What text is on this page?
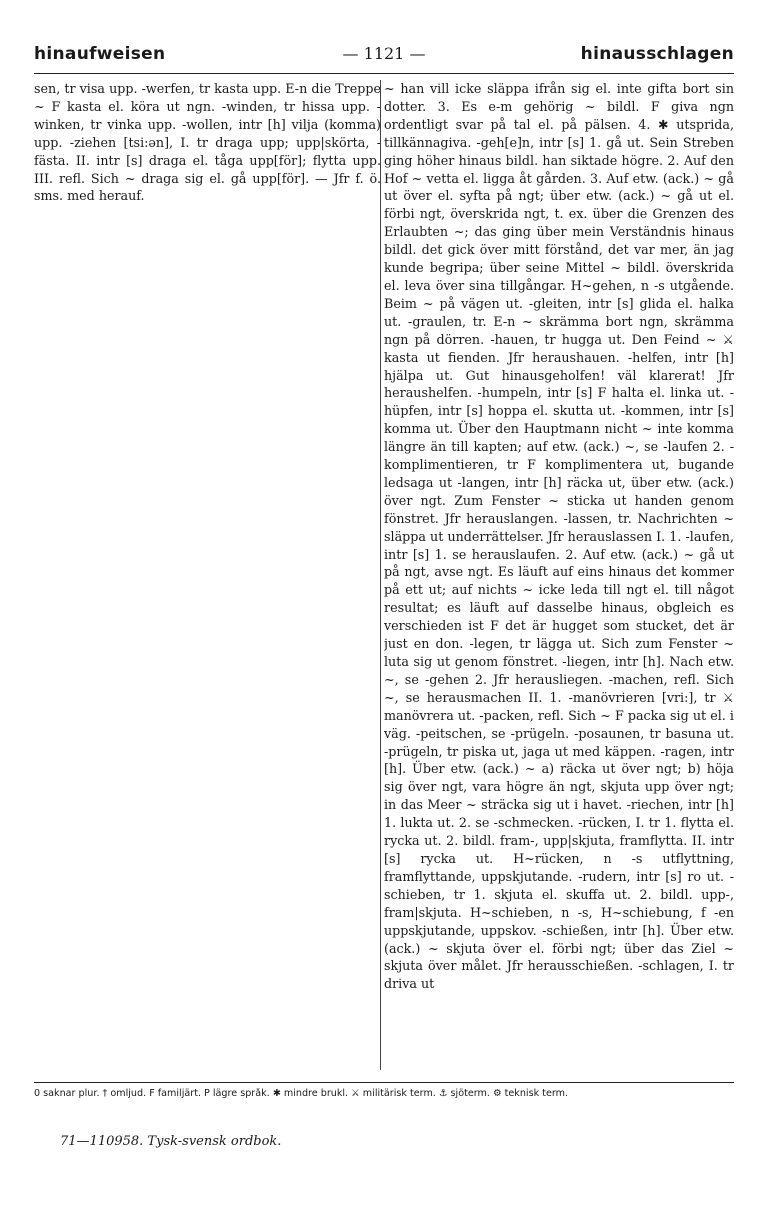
hinaufweisen	— 1121 —	hinausschlagen

sen, tr visa upp. -werfen, tr kasta upp. E-n die Treppe ~ F kasta el. köra ut ngn. -winden, tr hissa upp. -winken, tr vinka upp. -wollen, intr [h] vilja (komma) upp. -ziehen [tsi:ən], I. tr draga upp; upp|skörta, -fästa. II. intr [s] draga el. tåga upp[för]; flytta upp. III. refl. Sich ~ draga sig el. gå upp[för]. — Jfr f. ö. sms. med herauf.

~ han vill icke släppa ifrån sig el. inte gifta bort sin dotter. 3. Es e-m gehörig ~ bildl. F giva ngn ordentligt svar på tal el. på pälsen. 4. ✱ utsprida, tillkännagiva. -geh[e]n, intr [s] 1. gå ut. Sein Streben ging höher hinaus bildl. han siktade högre. 2. Auf den Hof ~ vetta el. ligga åt gården. 3. Auf etw. (ack.) ~ gå ut över el. syfta på ngt; über etw. (ack.) ~ gå ut el. förbi ngt, överskrida ngt, t. ex. über die Grenzen des Erlaubten ~; das ging über mein Verständnis hinaus bildl. det gick över mitt förstånd, det var mer, än jag kunde begripa; über seine Mittel ~ bildl. överskrida el. leva över sina tillgångar. H~gehen, n -s utgående. Beim ~ på vägen ut. -gleiten, intr [s] glida el. halka ut. -graulen, tr. E-n ~ skrämma bort ngn, skrämma ngn på dörren. -hauen, tr hugga ut. Den Feind ~ ⚔ kasta ut fienden. Jfr heraushauen. -helfen, intr [h] hjälpa ut. Gut hinausgeholfen! väl klarerat! Jfr heraushelfen. -humpeln, intr [s] F halta el. linka ut. -hüpfen, intr [s] hoppa el. skutta ut. -kommen, intr [s] komma ut. Über den Hauptmann nicht ~ inte komma längre än till kapten; auf etw. (ack.) ~, se -laufen 2. -komplimentieren, tr F komplimentera ut, bugande ledsaga ut -langen, intr [h] räcka ut, über etw. (ack.) över ngt. Zum Fenster ~ sticka ut handen genom fönstret. Jfr herauslangen. -lassen, tr. Nachrichten ~ släppa ut underrättelser. Jfr herauslassen I. 1. -laufen, intr [s] 1. se herauslaufen. 2. Auf etw. (ack.) ~ gå ut på ngt, avse ngt. Es läuft auf eins hinaus det kommer på ett ut; auf nichts ~ icke leda till ngt el. till något resultat; es läuft auf dasselbe hinaus, obgleich es verschieden ist F det är hugget som stucket, det är just en don. -legen, tr lägga ut. Sich zum Fenster ~ luta sig ut genom fönstret. -liegen, intr [h]. Nach etw. ~, se -gehen 2. Jfr herausliegen. -machen, refl. Sich ~, se herausmachen II. 1. -manövrieren [vri:], tr ⚔ manövrera ut. -packen, refl. Sich ~ F packa sig ut el. i väg. -peitschen, se -prügeln. -posaunen, tr basuna ut. -prügeln, tr piska ut, jaga ut med käppen. -ragen, intr [h]. Über etw. (ack.) ~ a) räcka ut över ngt; b) höja sig över ngt, vara högre än ngt, skjuta upp över ngt; in das Meer ~ sträcka sig ut i havet. -riechen, intr [h] 1. lukta ut. 2. se -schmecken. -rücken, I. tr 1. flytta el. rycka ut. 2. bildl. fram-, upp|skjuta, framflytta. II. intr [s] rycka ut. H~rücken, n -s utflyttning, framflyttande, uppskjutande. -rudern, intr [s] ro ut. -schieben, tr 1. skjuta el. skuffa ut. 2. bildl. upp-, fram|skjuta. H~schieben, n -s, H~schiebung, f -en uppskjutande, uppskov. -schießen, intr [h]. Über etw. (ack.) ~ skjuta över el. förbi ngt; über das Ziel ~ skjuta över målet. Jfr herausschießen. -schlagen, I. tr driva ut

0 saknar plur. † omljud. F familjärt. P lägre språk. ✱ mindre brukl. ⚔ militärisk term. ⚓ sjöterm. ⚙ teknisk term.
71—110958. Tysk-svensk ordbok.
